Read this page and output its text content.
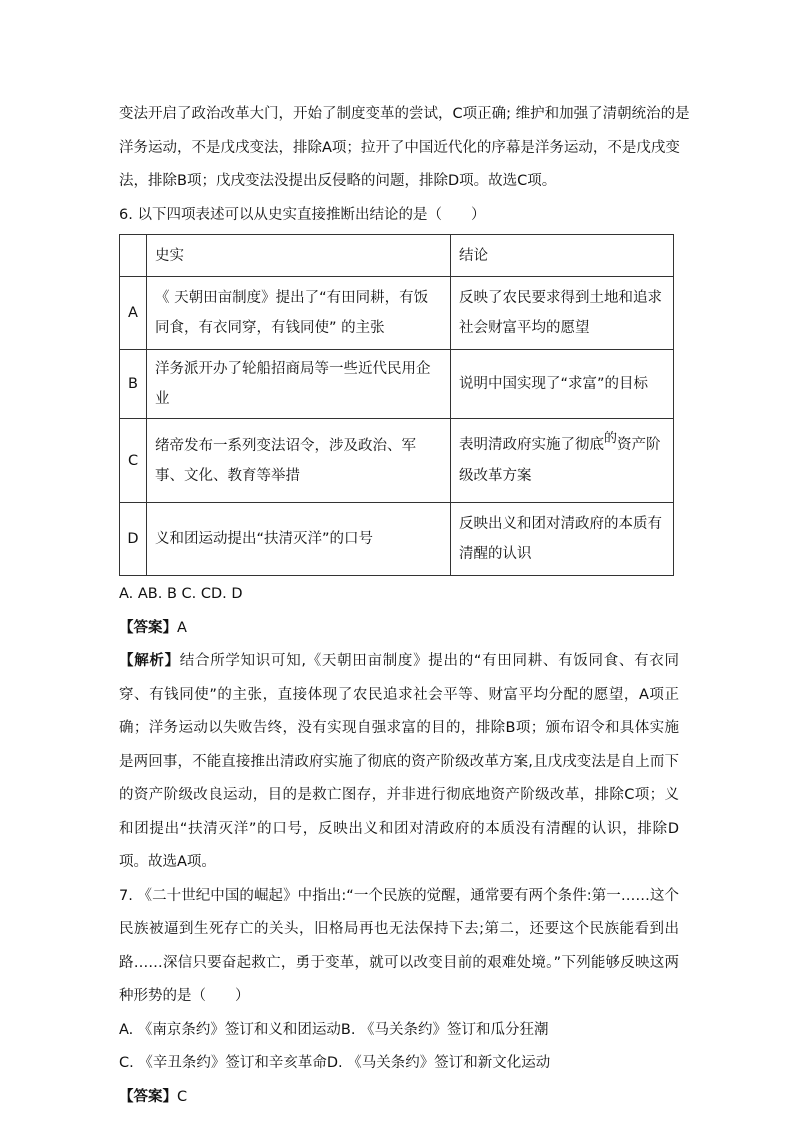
变法开启了政治改革大门，开始了制度变革的尝试，C项正确; 维护和加强了清朝统治的是

洋务运动，不是戊戌变法，排除A项；拉开了中国近代化的序幕是洋务运动，不是戊戌变

法，排除B项；戊戌变法没提出反侵略的问题，排除D项。故选C项。

6. 以下四项表述可以从史实直接推断出结论的是（　　）

	史实	结论
A	《 天朝田亩制度》提出了“有田同耕，有饭同食，有衣同穿，有钱同使” 的主张	反映了农民要求得到土地和追求社会财富平均的愿望
B	洋务派开办了轮船招商局等一些近代民用企业	说明中国实现了“求富”的目标
C	绪帝发布一系列变法诏令，涉及政治、军事、文化、教育等举措	表明清政府实施了彻底的资产阶级改革方案
D	义和团运动提出“扶清灭洋”的口号	反映出义和团对清政府的本质有清醒的认识

A. AB. B C. CD. D

【答案】A

【解析】结合所学知识可知,《天朝田亩制度》提出的“有田同耕、有饭同食、有衣同穿、有钱同使”的主张，直接体现了农民追求社会平等、财富平均分配的愿望，A项正确；洋务运动以失败告终，没有实现自强求富的目的，排除B项；颁布诏令和具体实施是两回事，不能直接推出清政府实施了彻底的资产阶级改革方案,且戊戌变法是自上而下的资产阶级改良运动，目的是救亡图存，并非进行彻底地资产阶级改革，排除C项；义和团提出“扶清灭洋”的口号，反映出义和团对清政府的本质没有清醒的认识，排除D项。故选A项。

7. 《二十世纪中国的崛起》中指出:“一个民族的觉醒，通常要有两个条件:第一……这个民族被逼到生死存亡的关头，旧格局再也无法保持下去;第二，还要这个民族能看到出路……深信只要奋起救亡，勇于变革，就可以改变目前的艰难处境。”下列能够反映这两种形势的是（　　）

A. 《南京条约》签订和义和团运动B. 《马关条约》签订和瓜分狂潮

C. 《辛丑条约》签订和辛亥革命D. 《马关条约》签订和新文化运动

【答案】C
